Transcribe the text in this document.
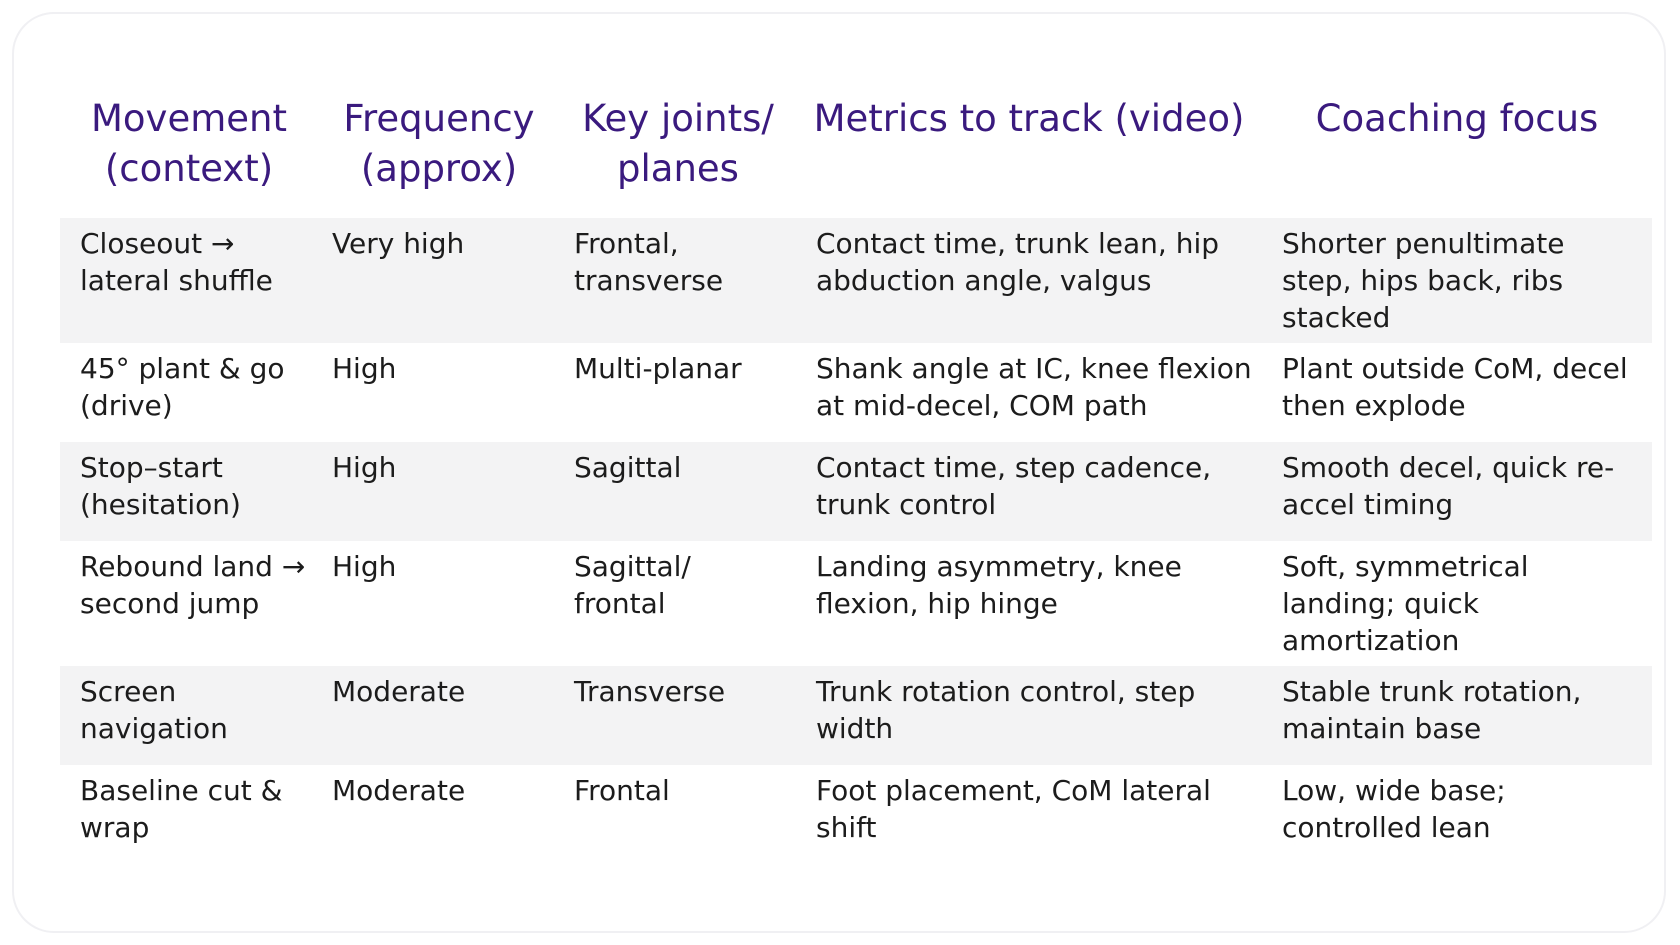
Movement (context)	Frequency (approx)	Key joints/ planes	Metrics to track (video)	Coaching focus
Closeout → lateral shuffle	Very high	Frontal, transverse	Contact time, trunk lean, hip abduction angle, valgus	Shorter penultimate step, hips back, ribs stacked
45° plant & go (drive)	High	Multi-planar	Shank angle at IC, knee flexion at mid-decel, COM path	Plant outside CoM, decel then explode
Stop–start (hesitation)	High	Sagittal	Contact time, step cadence, trunk control	Smooth decel, quick re-accel timing
Rebound land → second jump	High	Sagittal/ frontal	Landing asymmetry, knee flexion, hip hinge	Soft, symmetrical landing; quick amortization
Screen navigation	Moderate	Transverse	Trunk rotation control, step width	Stable trunk rotation, maintain base
Baseline cut & wrap	Moderate	Frontal	Foot placement, CoM lateral shift	Low, wide base; controlled lean
